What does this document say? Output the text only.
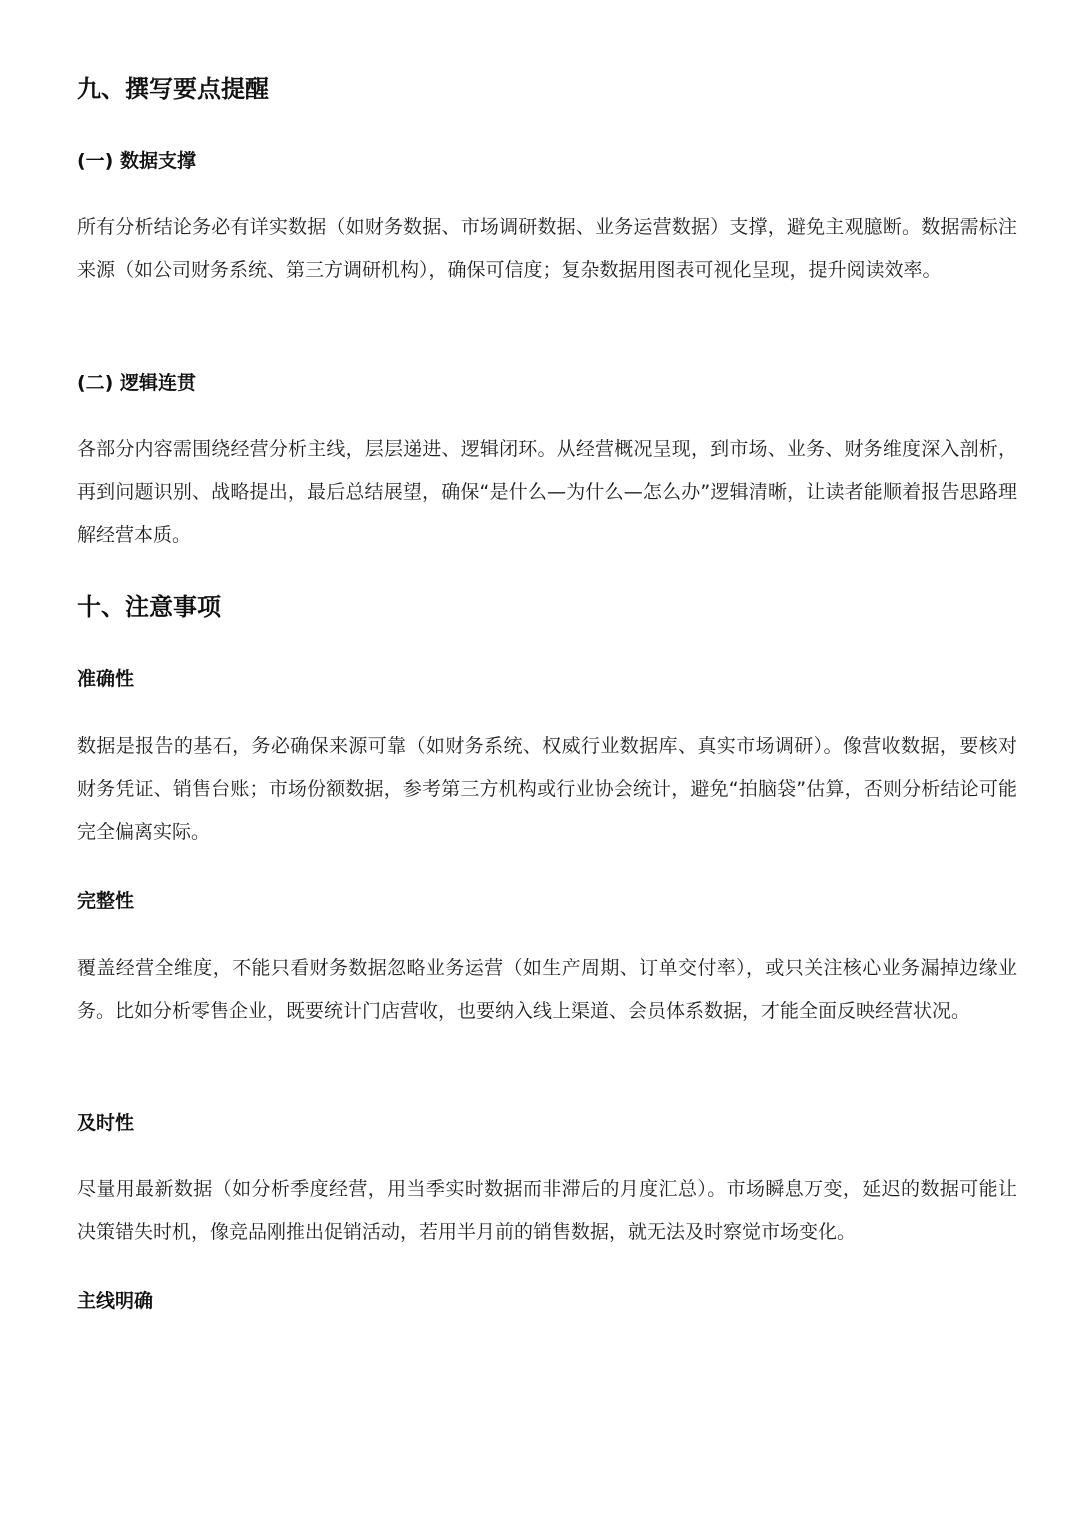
九、撰写要点提醒
(一) 数据支撑
所有分析结论务必有详实数据（如财务数据、市场调研数据、业务运营数据）支撑，避免主观臆断。数据需标注来源（如公司财务系统、第三方调研机构），确保可信度；复杂数据用图表可视化呈现，提升阅读效率。
(二) 逻辑连贯
各部分内容需围绕经营分析主线，层层递进、逻辑闭环。从经营概况呈现，到市场、业务、财务维度深入剖析，再到问题识别、战略提出，最后总结展望，确保“是什么—为什么—怎么办”逻辑清晰，让读者能顺着报告思路理解经营本质。
十、注意事项
准确性
数据是报告的基石，务必确保来源可靠（如财务系统、权威行业数据库、真实市场调研）。像营收数据，要核对财务凭证、销售台账；市场份额数据，参考第三方机构或行业协会统计，避免“拍脑袋”估算，否则分析结论可能完全偏离实际。
完整性
覆盖经营全维度，不能只看财务数据忽略业务运营（如生产周期、订单交付率），或只关注核心业务漏掉边缘业务。比如分析零售企业，既要统计门店营收，也要纳入线上渠道、会员体系数据，才能全面反映经营状况。
及时性
尽量用最新数据（如分析季度经营，用当季实时数据而非滞后的月度汇总）。市场瞬息万变，延迟的数据可能让决策错失时机，像竞品刚推出促销活动，若用半月前的销售数据，就无法及时察觉市场变化。
主线明确
